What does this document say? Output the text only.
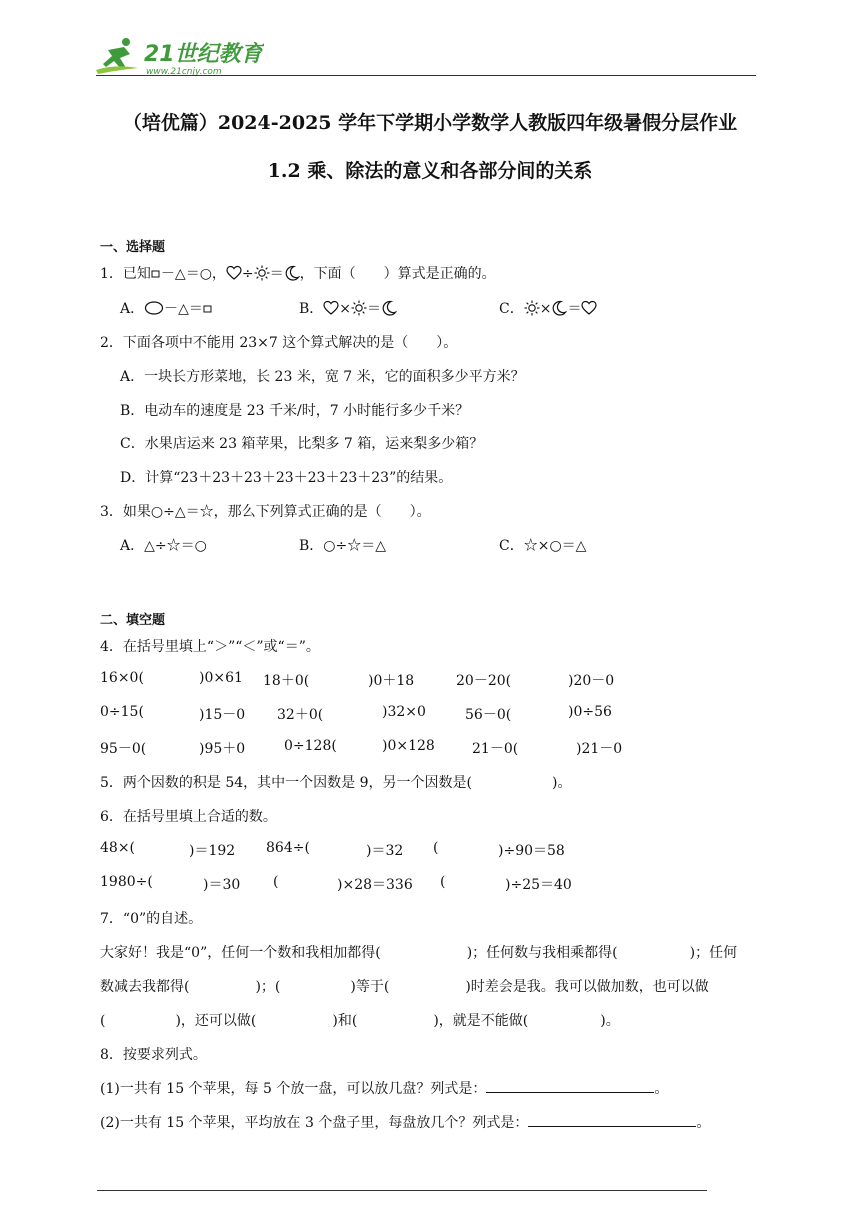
21世纪教育
www.21cnjy.com
（培优篇）2024-2025 学年下学期小学数学人教版四年级暑假分层作业
1.2 乘、除法的意义和各部分间的关系
一、选择题
1．已知 －△＝○， ÷ ＝ ，下面（　　）算式是正确的。
A． －△＝	B． × ＝	C． × ＝
2．下面各项中不能用 23×7 这个算式解决的是（　　）。
A．一块长方形菜地，长 23 米，宽 7 米，它的面积多少平方米？
B．电动车的速度是 23 千米/时，7 小时能行多少千米？
C．水果店运来 23 箱苹果，比梨多 7 箱，运来梨多少箱？
D．计算“23＋23＋23＋23＋23＋23＋23”的结果。
3．如果○÷△＝☆，那么下列算式正确的是（　　）。
A．△÷☆＝○	B．○÷☆＝△	C．☆×○＝△
二、填空题
4．在括号里填上“＞”“＜”或“＝”。
16×0(	)0×61 18＋0(	)0＋18	20－20(	)20－0
0÷15(	)15－0 32＋0(	)32×0	56－0(	)0÷56
95－0(	)95＋0	0÷128(	)0×128	21－0(	)21－0
5．两个因数的积是 54，其中一个因数是 9，另一个因数是(	)。
6．在括号里填上合适的数。
48×(	)＝192 864÷(	)＝32 (	)÷90＝58
1980÷(	)＝30 (	)×28＝336 (	)÷25＝40
7．“0”的自述。
大家好！我是“0”，任何一个数和我相加都得(	)；任何数与我相乘都得(	)；任何
数减去我都得(	)；(	)等于(	)时差会是我。我可以做加数，也可以做
(	)，还可以做(	)和(	)，就是不能做(	)。
8．按要求列式。
(1)一共有 15 个苹果，每 5 个放一盘，可以放几盘？列式是：	。
(2)一共有 15 个苹果，平均放在 3 个盘子里，每盘放几个？列式是：	。
